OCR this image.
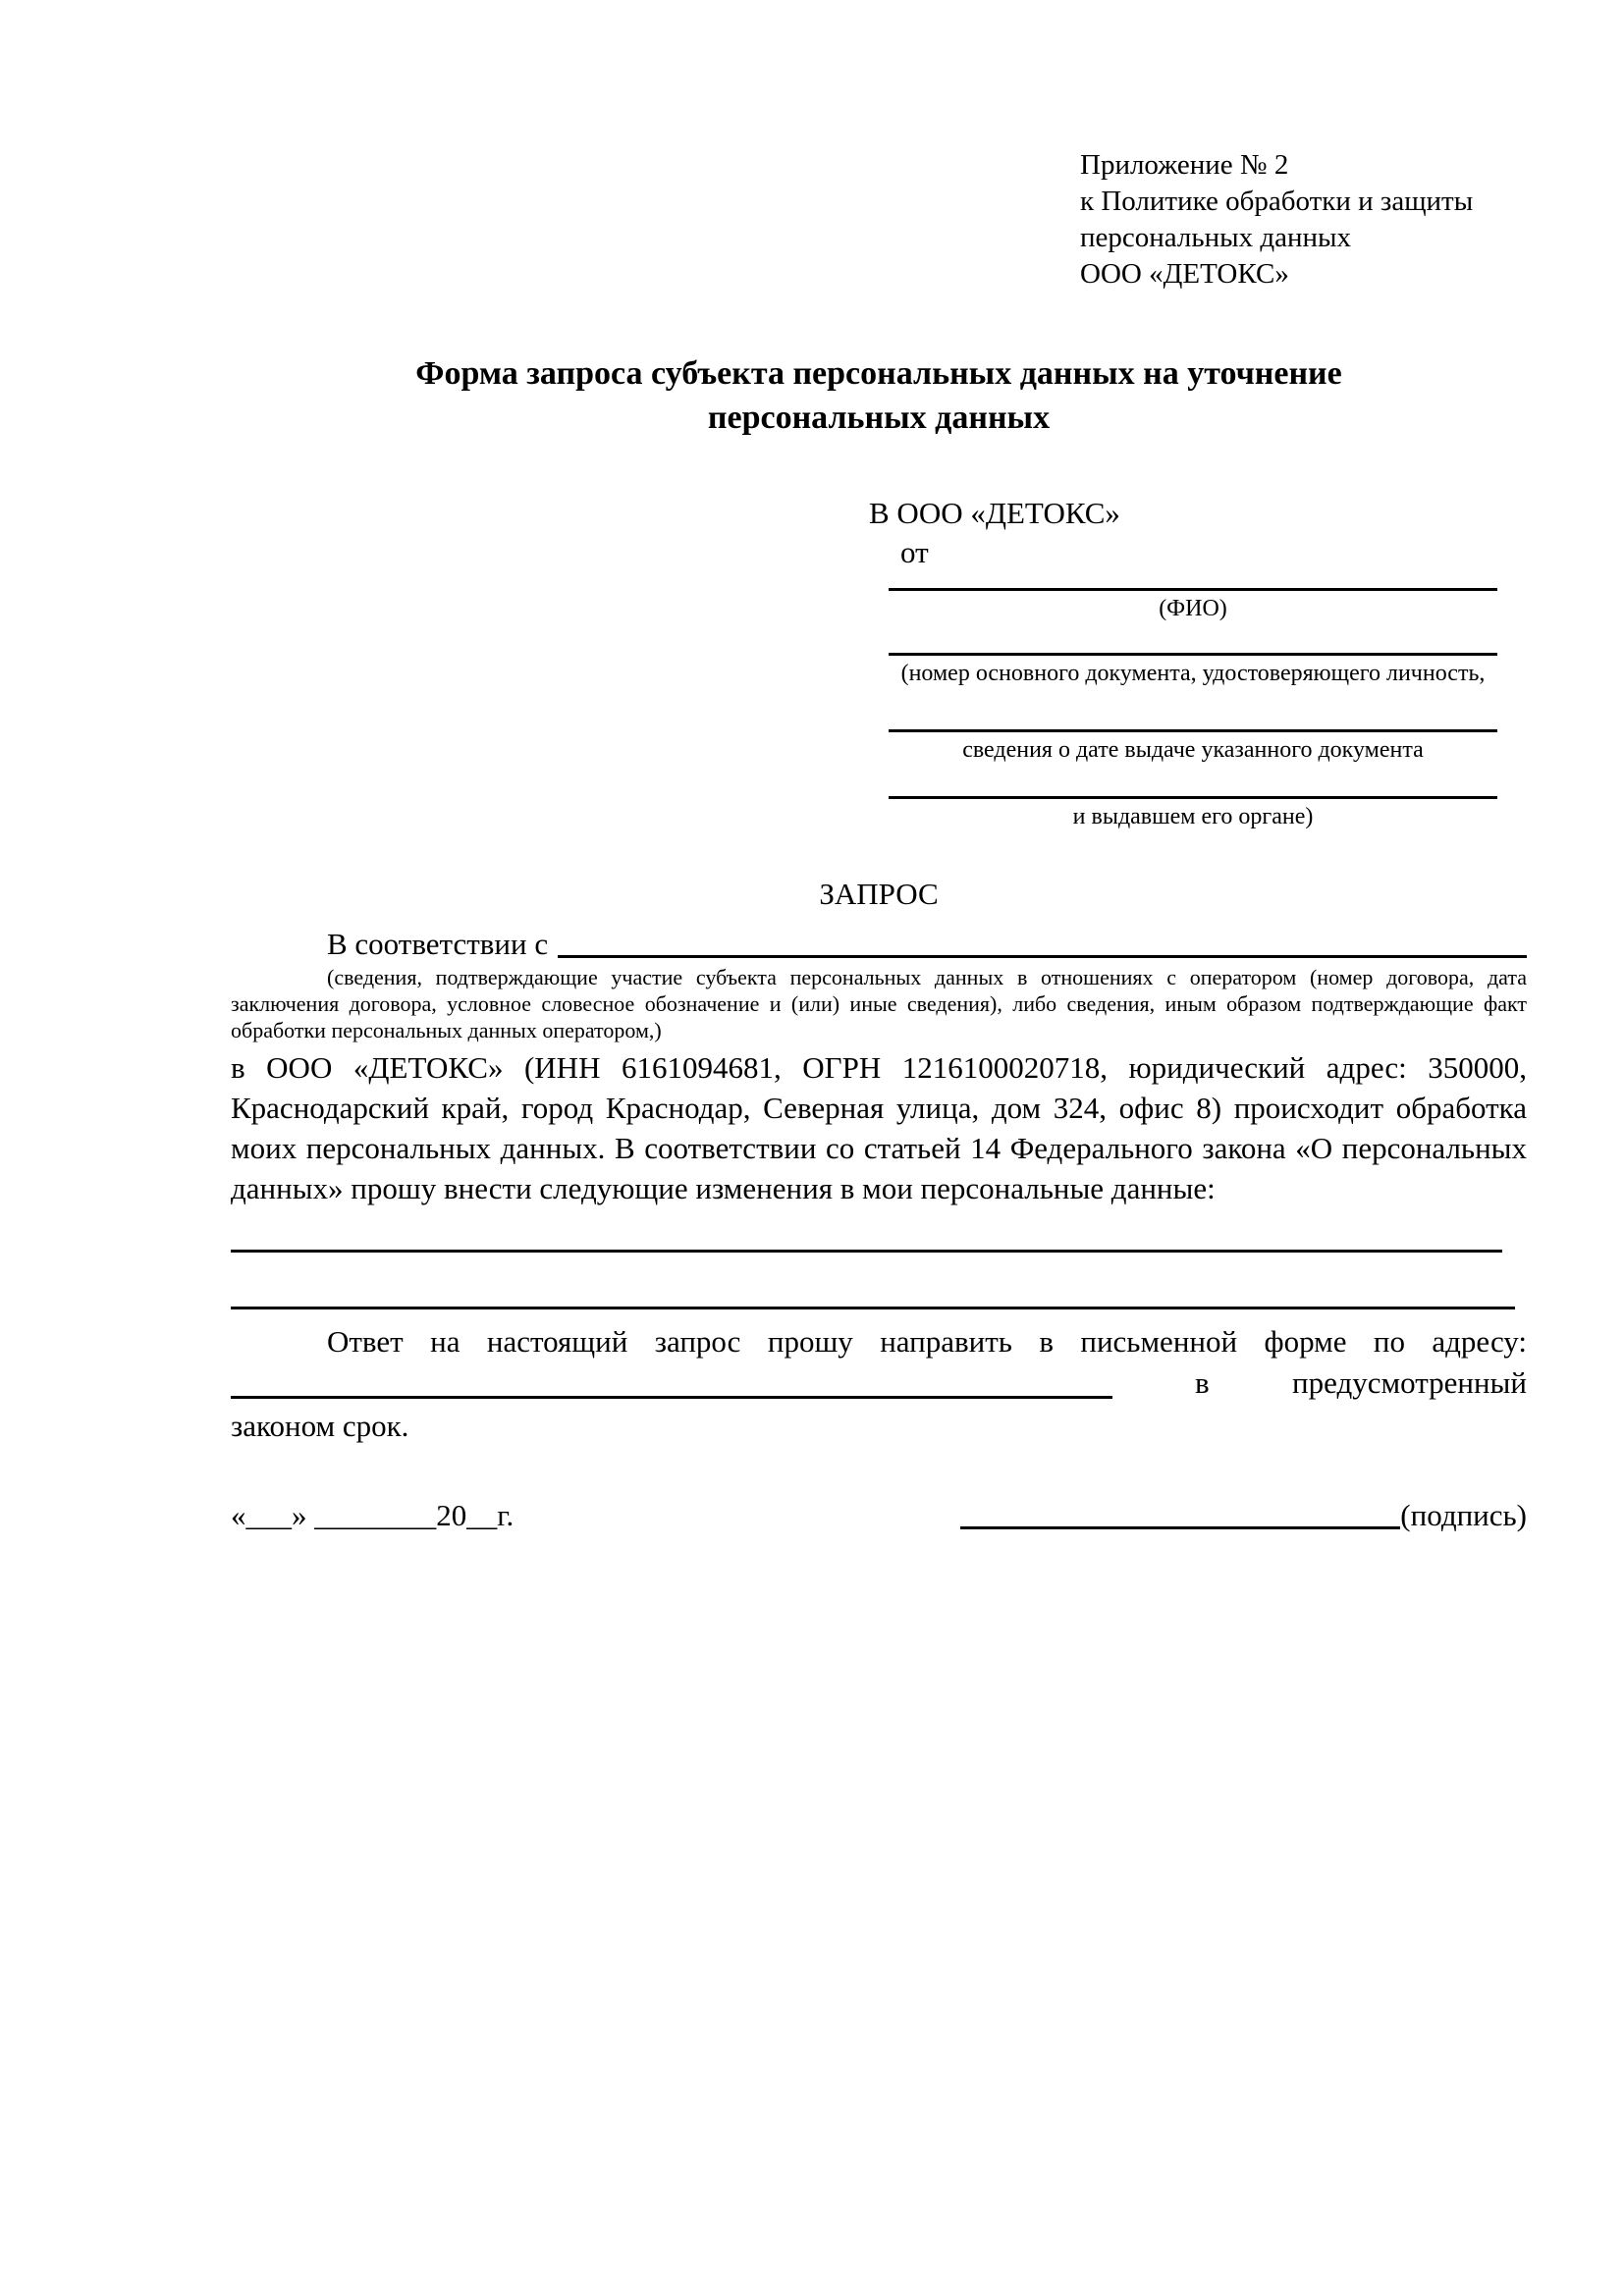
Приложение № 2
к Политике обработки и защиты
персональных данных
ООО «ДЕТОКС»
Форма запроса субъекта персональных данных на уточнение
персональных данных
В ООО «ДЕТОКС»
от
(ФИО)
(номер основного документа, удостоверяющего личность,
сведения о дате выдаче указанного документа
и выдавшем его органе)
ЗАПРОС
В соответствии с
(сведения, подтверждающие участие субъекта персональных данных в отношениях с оператором (номер договора, дата заключения договора, условное словесное обозначение и (или) иные сведения), либо сведения, иным образом подтверждающие факт обработки персональных данных оператором,)
в ООО «ДЕТОКС» (ИНН 6161094681, ОГРН 1216100020718, юридический адрес: 350000, Краснодарский край, город Краснодар, Северная улица, дом 324, офис 8) происходит обработка моих персональных данных. В соответствии со статьей 14 Федерального закона «О персональных данных» прошу внести следующие изменения в мои персональные данные:
Ответ на настоящий запрос прошу направить в письменной форме по адресу:
в	предусмотренный
законом срок.
«___» ________20__г.	(подпись)
